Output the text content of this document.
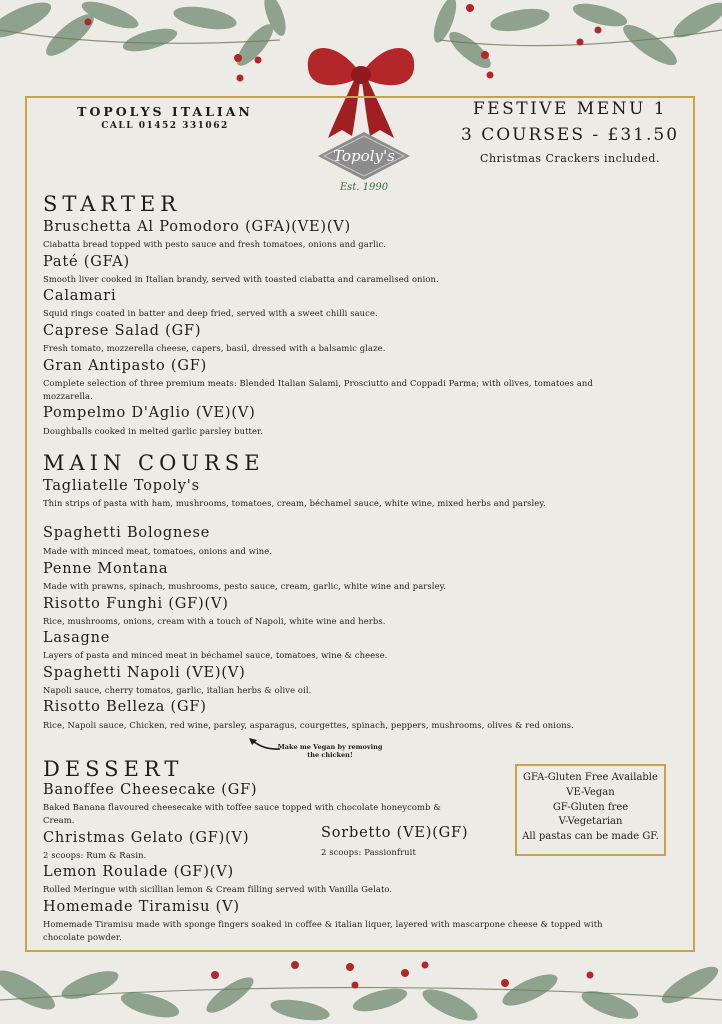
TOPOLYS ITALIAN
CALL 01452 331062
Topoly's
Est. 1990
FESTIVE MENU 1
3 COURSES - £31.50
Christmas Crackers included.
STARTER
Bruschetta Al Pomodoro (GFA)(VE)(V)
Ciabatta bread topped with pesto sauce and fresh tomatoes, onions and garlic.
Paté (GFA)
Smooth liver cooked in Italian brandy, served with toasted ciabatta and caramelised onion.
Calamari
Squid rings coated in batter and deep fried, served with a sweet chilli sauce.
Caprese Salad (GF)
Fresh tomato, mozzerella cheese, capers, basil, dressed with a balsamic glaze.
Gran Antipasto (GF)
Complete selection of three premium meats: Blended Italian Salami, Prosciutto and Coppadi Parma; with olives, tomatoes and mozzarella.
Pompelmo D'Aglio (VE)(V)
Doughballs cooked in melted garlic parsley butter.
MAIN COURSE
Tagliatelle Topoly's
Thin strips of pasta with ham, mushrooms, tomatoes, cream, béchamel sauce, white wine, mixed herbs and parsley.
Spaghetti Bolognese
Made with minced meat, tomatoes, onions and wine.
Penne Montana
Made with prawns, spinach, mushrooms, pesto sauce, cream, garlic, white wine and parsley.
Risotto Funghi (GF)(V)
Rice, mushrooms, onions, cream with a touch of Napoli, white wine and herbs.
Lasagne
Layers of pasta and minced meat in béchamel sauce, tomatoes, wine & cheese.
Spaghetti Napoli (VE)(V)
Napoli sauce, cherry tomatos, garlic, italian herbs & olive oil.
Risotto Belleza (GF)
Rice, Napoli sauce, Chicken, red wine, parsley, asparagus, courgettes, spinach, peppers, mushrooms, olives & red onions.
Make me Vegan by removing the chicken!
DESSERT
Banoffee Cheesecake (GF)
Baked Banana flavoured cheesecake with toffee sauce topped with chocolate honeycomb & Cream.
Christmas Gelato (GF)(V)
2 scoops: Rum & Rasin.
Sorbetto (VE)(GF)
2 scoops: Passionfruit
Lemon Roulade (GF)(V)
Rolled Meringue with sicillian lemon & Cream filling served with Vanilla Gelato.
Homemade Tiramisu (V)
Homemade Tiramisu made with sponge fingers soaked in coffee & italian liquer, layered with mascarpone cheese & topped with chocolate powder.
GFA-Gluten Free Available
VE-Vegan
GF-Gluten free
V-Vegetarian
All pastas can be made GF.
